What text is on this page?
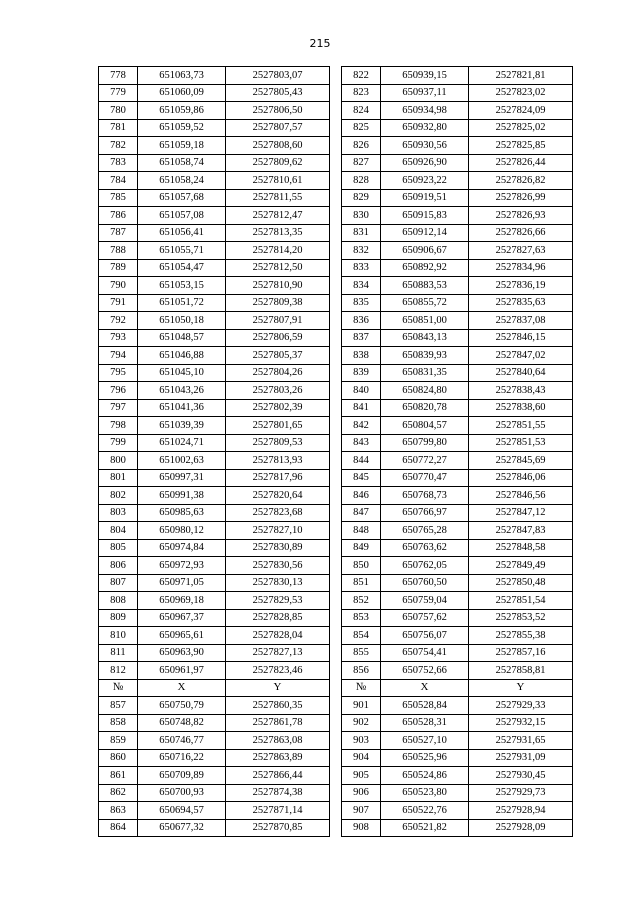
215
778	651063,73	2527803,07		822	650939,15	2527821,81
779	651060,09	2527805,43		823	650937,11	2527823,02
780	651059,86	2527806,50		824	650934,98	2527824,09
781	651059,52	2527807,57		825	650932,80	2527825,02
782	651059,18	2527808,60		826	650930,56	2527825,85
783	651058,74	2527809,62		827	650926,90	2527826,44
784	651058,24	2527810,61		828	650923,22	2527826,82
785	651057,68	2527811,55		829	650919,51	2527826,99
786	651057,08	2527812,47		830	650915,83	2527826,93
787	651056,41	2527813,35		831	650912,14	2527826,66
788	651055,71	2527814,20		832	650906,67	2527827,63
789	651054,47	2527812,50		833	650892,92	2527834,96
790	651053,15	2527810,90		834	650883,53	2527836,19
791	651051,72	2527809,38		835	650855,72	2527835,63
792	651050,18	2527807,91		836	650851,00	2527837,08
793	651048,57	2527806,59		837	650843,13	2527846,15
794	651046,88	2527805,37		838	650839,93	2527847,02
795	651045,10	2527804,26		839	650831,35	2527840,64
796	651043,26	2527803,26		840	650824,80	2527838,43
797	651041,36	2527802,39		841	650820,78	2527838,60
798	651039,39	2527801,65		842	650804,57	2527851,55
799	651024,71	2527809,53		843	650799,80	2527851,53
800	651002,63	2527813,93		844	650772,27	2527845,69
801	650997,31	2527817,96		845	650770,47	2527846,06
802	650991,38	2527820,64		846	650768,73	2527846,56
803	650985,63	2527823,68		847	650766,97	2527847,12
804	650980,12	2527827,10		848	650765,28	2527847,83
805	650974,84	2527830,89		849	650763,62	2527848,58
806	650972,93	2527830,56		850	650762,05	2527849,49
807	650971,05	2527830,13		851	650760,50	2527850,48
808	650969,18	2527829,53		852	650759,04	2527851,54
809	650967,37	2527828,85		853	650757,62	2527853,52
810	650965,61	2527828,04		854	650756,07	2527855,38
811	650963,90	2527827,13		855	650754,41	2527857,16
812	650961,97	2527823,46		856	650752,66	2527858,81
№	X	Y		№	X	Y
857	650750,79	2527860,35		901	650528,84	2527929,33
858	650748,82	2527861,78		902	650528,31	2527932,15
859	650746,77	2527863,08		903	650527,10	2527931,65
860	650716,22	2527863,89		904	650525,96	2527931,09
861	650709,89	2527866,44		905	650524,86	2527930,45
862	650700,93	2527874,38		906	650523,80	2527929,73
863	650694,57	2527871,14		907	650522,76	2527928,94
864	650677,32	2527870,85		908	650521,82	2527928,09
